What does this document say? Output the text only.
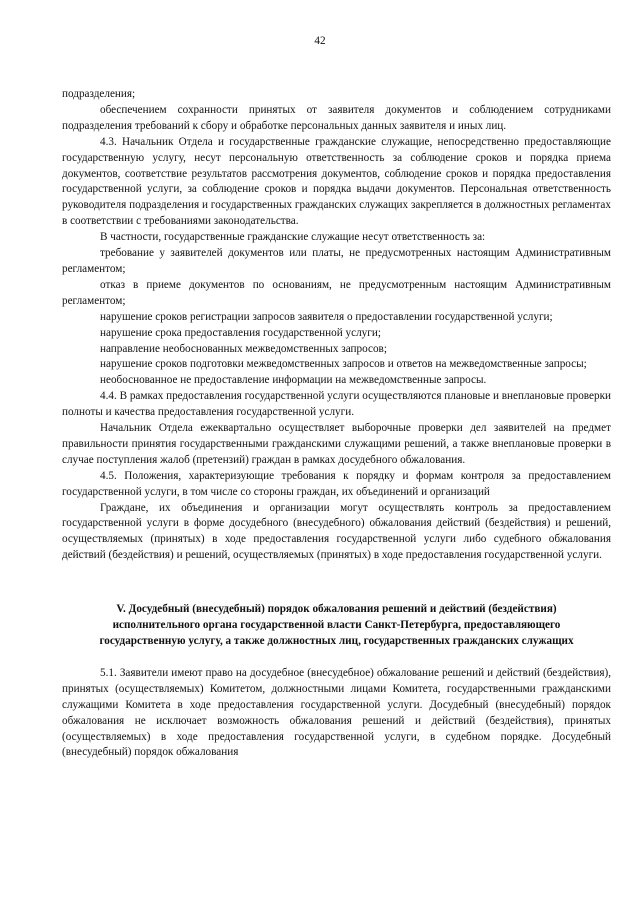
42

подразделения;

обеспечением сохранности принятых от заявителя документов и соблюдением сотрудниками подразделения требований к сбору и обработке персональных данных заявителя и иных лиц.

4.3. Начальник Отдела и государственные гражданские служащие, непосредственно предоставляющие государственную услугу, несут персональную ответственность за соблюдение сроков и порядка приема документов, соответствие результатов рассмотрения документов, соблюдение сроков и порядка предоставления государственной услуги, за соблюдение сроков и порядка выдачи документов. Персональная ответственность руководителя подразделения и государственных гражданских служащих закрепляется в должностных регламентах в соответствии с требованиями законодательства.

В частности, государственные гражданские служащие несут ответственность за:

требование у заявителей документов или платы, не предусмотренных настоящим Административным регламентом;

отказ в приеме документов по основаниям, не предусмотренным настоящим Административным регламентом;

нарушение сроков регистрации запросов заявителя о предоставлении государственной услуги;

нарушение срока предоставления государственной услуги;

направление необоснованных межведомственных запросов;

нарушение сроков подготовки межведомственных запросов и ответов на межведомственные запросы;

необоснованное не предоставление информации на межведомственные запросы.

4.4. В рамках предоставления государственной услуги осуществляются плановые и внеплановые проверки полноты и качества предоставления государственной услуги.

Начальник Отдела ежеквартально осуществляет выборочные проверки дел заявителей на предмет правильности принятия государственными гражданскими служащими решений, а также внеплановые проверки в случае поступления жалоб (претензий) граждан в рамках досудебного обжалования.

4.5. Положения, характеризующие требования к порядку и формам контроля за предоставлением государственной услуги, в том числе со стороны граждан, их объединений и организаций

Граждане, их объединения и организации могут осуществлять контроль за предоставлением государственной услуги в форме досудебного (внесудебного) обжалования действий (бездействия) и решений, осуществляемых (принятых) в ходе предоставления государственной услуги либо судебного обжалования действий (бездействия) и решений, осуществляемых (принятых) в ходе предоставления государственной услуги.

V. Досудебный (внесудебный) порядок обжалования решений и действий (бездействия) исполнительного органа государственной власти Санкт-Петербурга, предоставляющего государственную услугу, а также должностных лиц, государственных гражданских служащих

5.1. Заявители имеют право на досудебное (внесудебное) обжалование решений и действий (бездействия), принятых (осуществляемых) Комитетом, должностными лицами Комитета, государственными гражданскими служащими Комитета в ходе предоставления государственной услуги. Досудебный (внесудебный) порядок обжалования не исключает возможность обжалования решений и действий (бездействия), принятых (осуществляемых) в ходе предоставления государственной услуги, в судебном порядке. Досудебный (внесудебный) порядок обжалования
